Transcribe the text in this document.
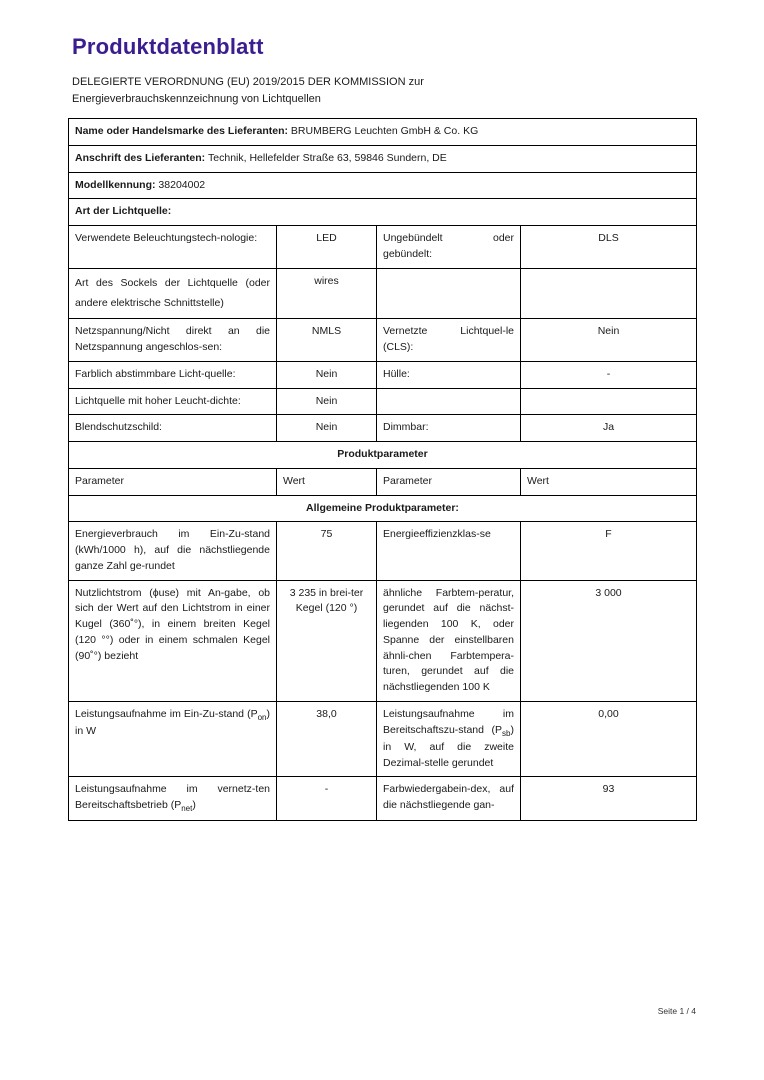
Produktdatenblatt

DELEGIERTE VERORDNUNG (EU) 2019/2015 DER KOMMISSION zur
Energieverbrauchskennzeichnung von Lichtquellen

Name oder Handelsmarke des Lieferanten: BRUMBERG Leuchten GmbH & Co. KG			
Anschrift des Lieferanten: Technik, Hellefelder Straße 63, 59846 Sundern, DE			
Modellkennung: 38204002			
Art der Lichtquelle:			
Verwendete Beleuchtungstech-nologie:	LED	Ungebündelt oder gebündelt:	DLS
Art des Sockels der Lichtquelle (oder andere elektrische Schnittstelle)	wires		
Netzspannung/Nicht direkt an die Netzspannung angeschlos-sen:	NMLS	Vernetzte Lichtquel-le (CLS):	Nein
Farblich abstimmbare Licht-quelle:	Nein	Hülle:	-
Lichtquelle mit hoher Leucht-dichte:	Nein		
Blendschutzschild:	Nein	Dimmbar:	Ja
Produktparameter			
Parameter	Wert	Parameter	Wert
Allgemeine Produktparameter:			
Energieverbrauch im Ein-Zu-stand (kWh/1000 h), auf die nächstliegende ganze Zahl ge-rundet	75	Energieeffizienzklas-se	F
Nutzlichtstrom (ϕuse) mit An-gabe, ob sich der Wert auf den Lichtstrom in einer Kugel (360˚°), in einem breiten Kegel (120 °°) oder in einem schmalen Kegel (90˚°) bezieht	3 235 in brei-ter Kegel (120 °)	ähnliche Farbtem-peratur, gerundet auf die nächst-liegenden 100 K, oder Spanne der einstellbaren ähnli-chen Farbtempera-turen, gerundet auf die nächstliegenden 100 K	3 000
Leistungsaufnahme im Ein-Zu-stand $(P_{on})$ in W	38,0	Leistungsaufnahme im Bereitschaftszu-stand $(P_{sb})$ in W, auf die zweite Dezimal-stelle gerundet	0,00
Leistungsaufnahme im vernetz-ten Bereitschaftsbetrieb $(P_{net})$	-	Farbwiedergabein-dex, auf die nächstliegende gan-	93
Seite 1 / 4
